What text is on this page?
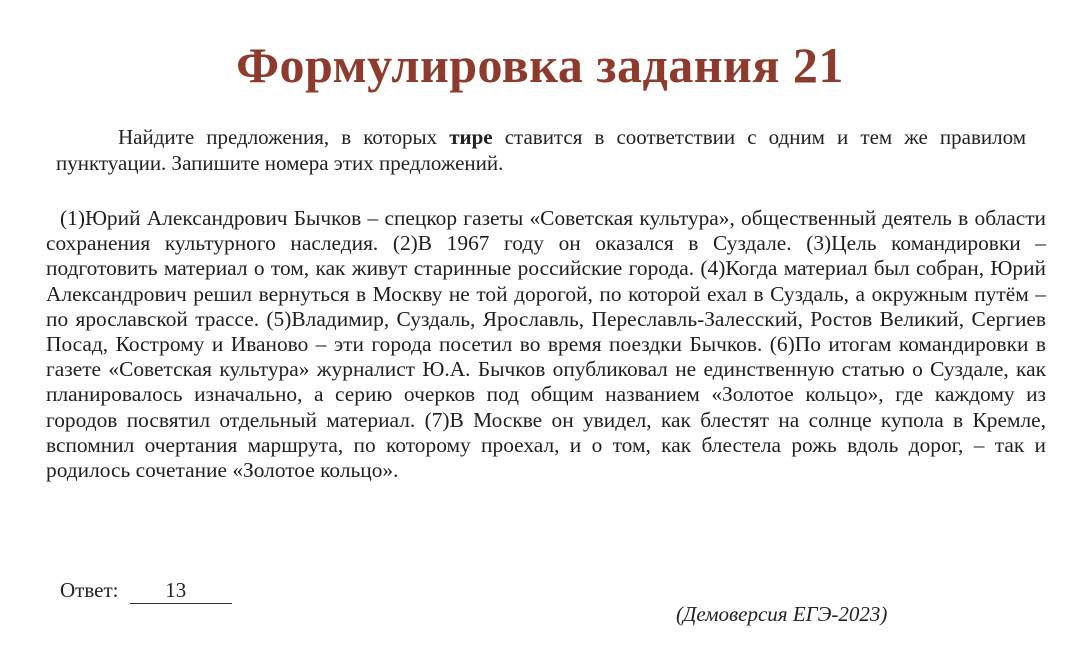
Формулировка задания 21
Найдите предложения, в которых тире ставится в соответствии с одним и тем же правилом пунктуации. Запишите номера этих предложений.
(1)Юрий Александрович Бычков – спецкор газеты «Советская культура», общественный деятель в области сохранения культурного наследия. (2)В 1967 году он оказался в Суздале. (3)Цель командировки – подготовить материал о том, как живут старинные российские города. (4)Когда материал был собран, Юрий Александрович решил вернуться в Москву не той дорогой, по которой ехал в Суздаль, а окружным путём – по ярославской трассе. (5)Владимир, Суздаль, Ярославль, Переславль-Залесский, Ростов Великий, Сергиев Посад, Кострому и Иваново – эти города посетил во время поездки Бычков. (6)По итогам командировки в газете «Советская культура» журналист Ю.А. Бычков опубликовал не единственную статью о Суздале, как планировалось изначально, а серию очерков под общим названием «Золотое кольцо», где каждому из городов посвятил отдельный материал. (7)В Москве он увидел, как блестят на солнце купола в Кремле, вспомнил очертания маршрута, по которому проехал, и о том, как блестела рожь вдоль дорог, – так и родилось сочетание «Золотое кольцо».
Ответ: 13
(Демоверсия ЕГЭ-2023)
